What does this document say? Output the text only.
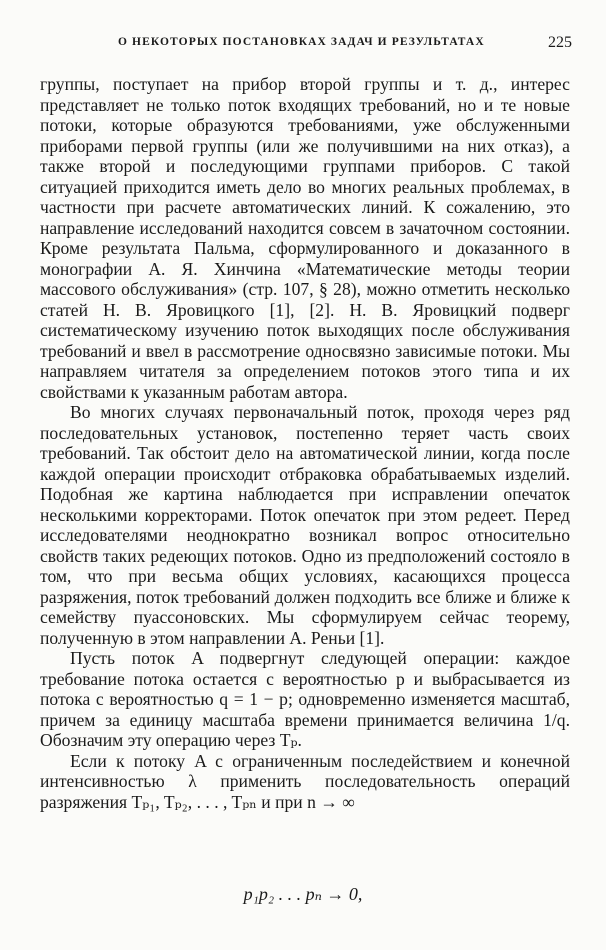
О НЕКОТОРЫХ ПОСТАНОВКАХ ЗАДАЧ И РЕЗУЛЬТАТАХ	225

группы, поступает на прибор второй группы и т. д., интерес представляет не только поток входящих требований, но и те новые потоки, которые образуются требованиями, уже обслуженными приборами первой группы (или же получившими на них отказ), а также второй и последующими группами приборов. С такой ситуацией приходится иметь дело во многих реальных проблемах, в частности при расчете автоматических линий. К сожалению, это направление исследований находится совсем в зачаточном состоянии. Кроме результата Пальма, сформулированного и доказанного в монографии А. Я. Хинчина «Математические методы теории массового обслуживания» (стр. 107, § 28), можно отметить несколько статей Н. В. Яровицкого [1], [2]. Н. В. Яровицкий подверг систематическому изучению поток выходящих после обслуживания требований и ввел в рассмотрение односвязно зависимые потоки. Мы направляем читателя за определением потоков этого типа и их свойствами к указанным работам автора.

Во многих случаях первоначальный поток, проходя через ряд последовательных установок, постепенно теряет часть своих требований. Так обстоит дело на автоматической линии, когда после каждой операции происходит отбраковка обрабатываемых изделий. Подобная же картина наблюдается при исправлении опечаток несколькими корректорами. Поток опечаток при этом редеет. Перед исследователями неоднократно возникал вопрос относительно свойств таких редеющих потоков. Одно из предположений состояло в том, что при весьма общих условиях, касающихся процесса разряжения, поток требований должен подходить все ближе и ближе к семейству пуассоновских. Мы сформулируем сейчас теорему, полученную в этом направлении А. Реньи [1].

Пусть поток A подвергнут следующей операции: каждое требование потока остается с вероятностью p и выбрасывается из потока с вероятностью q = 1 − p; одновременно изменяется масштаб, причем за единицу масштаба времени принимается величина 1/q. Обозначим эту операцию через Tₚ.

Если к потоку A с ограниченным последействием и конечной интенсивностью λ применить последовательность операций разряжения Tₚ₁, Tₚ₂, . . . , Tₚₙ и при n → ∞

p₁p₂ . . . pₙ → 0,
